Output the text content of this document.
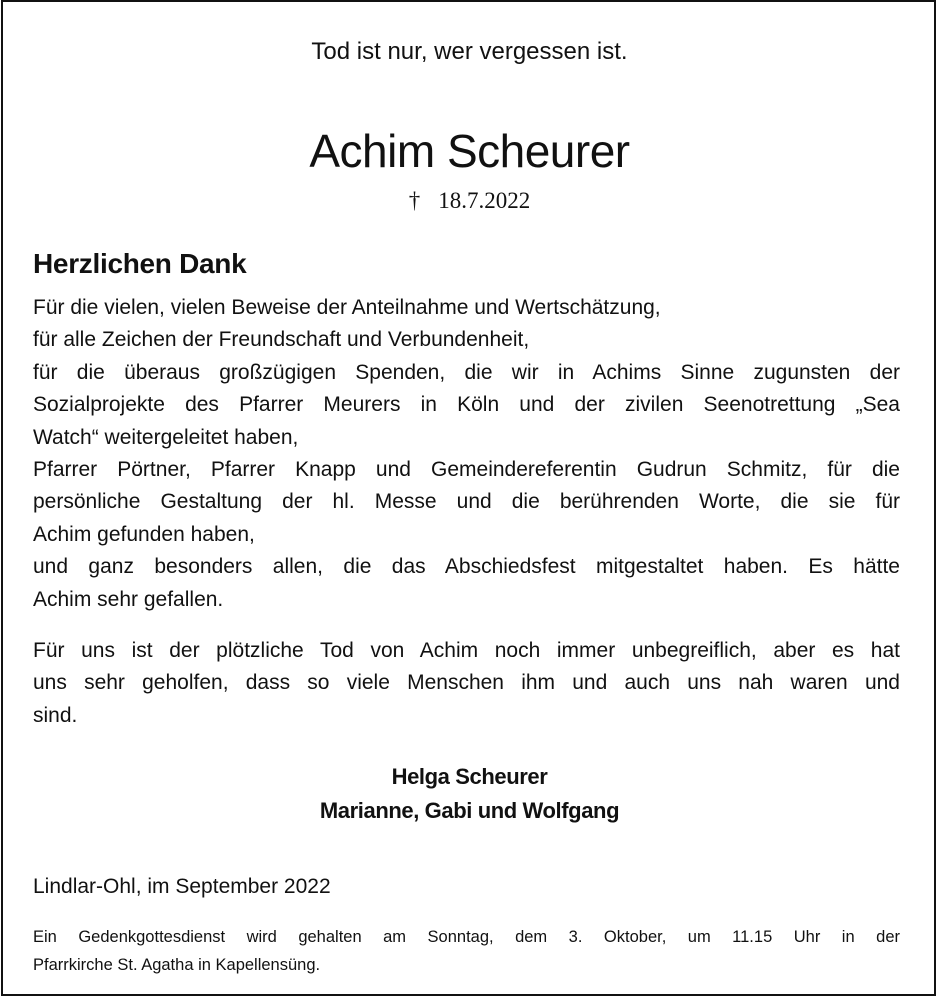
Tod ist nur, wer vergessen ist.
Achim Scheurer
† 18.7.2022
Herzlichen Dank
Für die vielen, vielen Beweise der Anteilnahme und Wertschätzung,
für alle Zeichen der Freundschaft und Verbundenheit,
für die überaus großzügigen Spenden, die wir in Achims Sinne zugunsten der
Sozialprojekte des Pfarrer Meurers in Köln und der zivilen Seenotrettung „Sea
Watch“ weitergeleitet haben,
Pfarrer Pörtner, Pfarrer Knapp und Gemeindereferentin Gudrun Schmitz, für die
persönliche Gestaltung der hl. Messe und die berührenden Worte, die sie für
Achim gefunden haben,
und ganz besonders allen, die das Abschiedsfest mitgestaltet haben. Es hätte
Achim sehr gefallen.
Für uns ist der plötzliche Tod von Achim noch immer unbegreiflich, aber es hat
uns sehr geholfen, dass so viele Menschen ihm und auch uns nah waren und
sind.
Helga Scheurer
Marianne, Gabi und Wolfgang
Lindlar-Ohl, im September 2022
Ein Gedenkgottesdienst wird gehalten am Sonntag, dem 3. Oktober, um 11.15 Uhr in der
Pfarrkirche St. Agatha in Kapellensüng.
